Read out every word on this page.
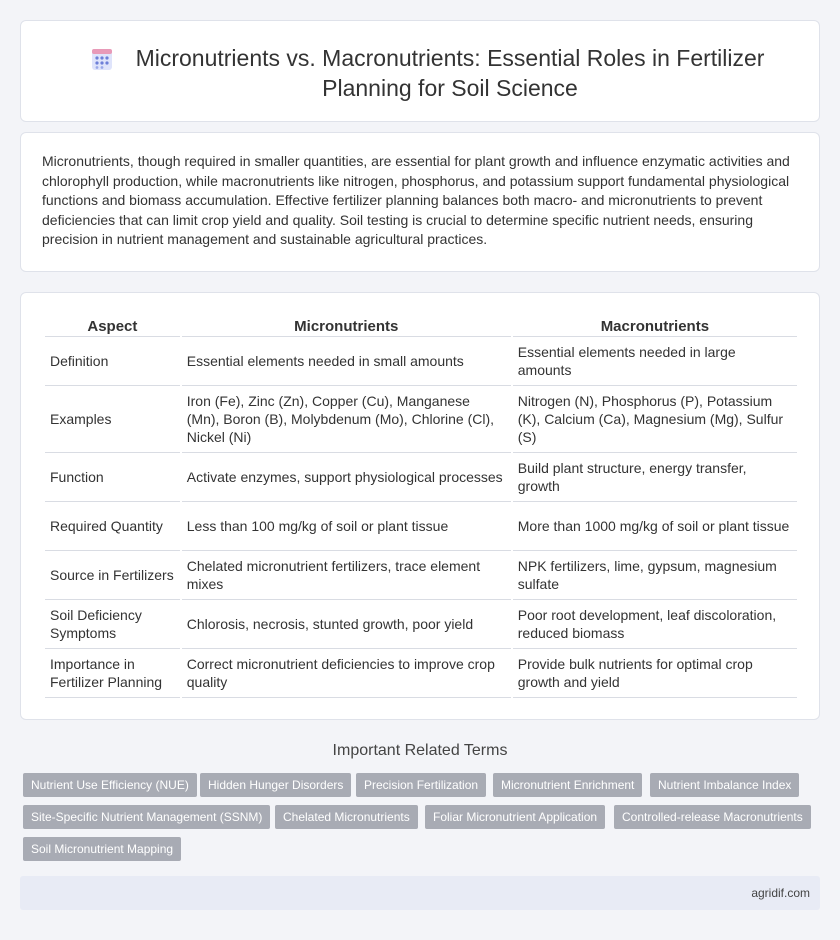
Micronutrients vs. Macronutrients: Essential Roles in Fertilizer Planning for Soil Science

Micronutrients, though required in smaller quantities, are essential for plant growth and influence enzymatic activities and chlorophyll production, while macronutrients like nitrogen, phosphorus, and potassium support fundamental physiological functions and biomass accumulation. Effective fertilizer planning balances both macro- and micronutrients to prevent deficiencies that can limit crop yield and quality. Soil testing is crucial to determine specific nutrient needs, ensuring precision in nutrient management and sustainable agricultural practices.

Aspect	Micronutrients	Macronutrients
Definition	Essential elements needed in small amounts	Essential elements needed in large amounts
Examples	Iron (Fe), Zinc (Zn), Copper (Cu), Manganese (Mn), Boron (B), Molybdenum (Mo), Chlorine (Cl), Nickel (Ni)	Nitrogen (N), Phosphorus (P), Potassium (K), Calcium (Ca), Magnesium (Mg), Sulfur (S)
Function	Activate enzymes, support physiological processes	Build plant structure, energy transfer, growth
Required Quantity	Less than 100 mg/kg of soil or plant tissue	More than 1000 mg/kg of soil or plant tissue
Source in Fertilizers	Chelated micronutrient fertilizers, trace element mixes	NPK fertilizers, lime, gypsum, magnesium sulfate
Soil Deficiency Symptoms	Chlorosis, necrosis, stunted growth, poor yield	Poor root development, leaf discoloration, reduced biomass
Importance in Fertilizer Planning	Correct micronutrient deficiencies to improve crop quality	Provide bulk nutrients for optimal crop growth and yield
Important Related Terms
Nutrient Use Efficiency (NUE)	Hidden Hunger Disorders	Precision Fertilization	Micronutrient Enrichment	Nutrient Imbalance Index
Site-Specific Nutrient Management (SSNM)	Chelated Micronutrients	Foliar Micronutrient Application	Controlled-release Macronutrients
Soil Micronutrient Mapping
agridif.com
